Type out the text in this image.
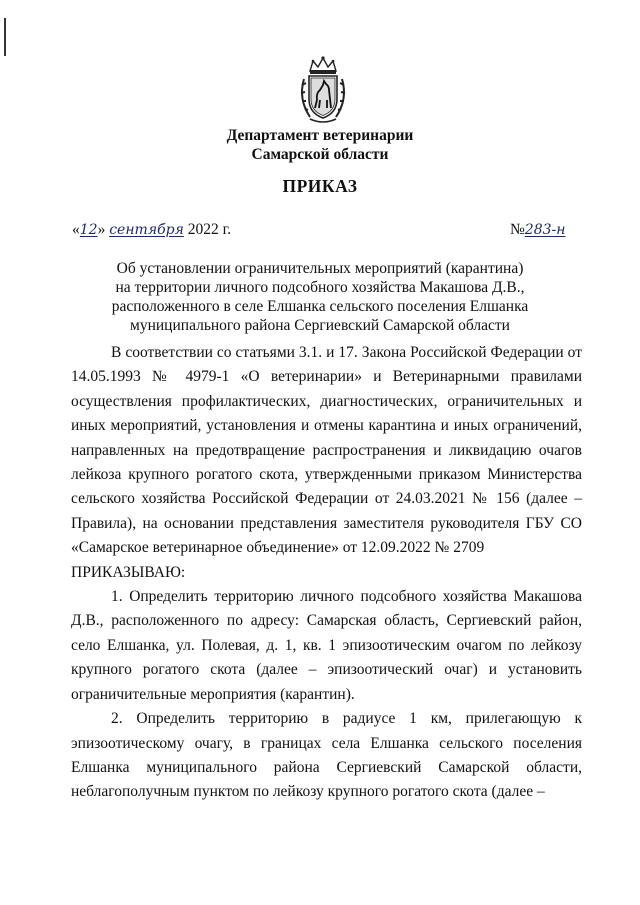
Департамент ветеринарии
Самарской области
ПРИКАЗ
«12» сентября 2022 г.	№283-н
Об установлении ограничительных мероприятий (карантина)
на территории личного подсобного хозяйства Макашова Д.В.,
расположенного в селе Елшанка сельского поселения Елшанка
муниципального района Сергиевский Самарской области

В соответствии со статьями 3.1. и 17. Закона Российской Федерации от 14.05.1993 № 4979-1 «О ветеринарии» и Ветеринарными правилами осуществления профилактических, диагностических, ограничительных и иных мероприятий, установления и отмены карантина и иных ограничений, направленных на предотвращение распространения и ликвидацию очагов лейкоза крупного рогатого скота, утвержденными приказом Министерства сельского хозяйства Российской Федерации от 24.03.2021 № 156 (далее – Правила), на основании представления заместителя руководителя ГБУ СО «Самарское ветеринарное объединение» от 12.09.2022 № 2709

ПРИКАЗЫВАЮ:

1. Определить территорию личного подсобного хозяйства Макашова Д.В., расположенного по адресу: Самарская область, Сергиевский район, село Елшанка, ул. Полевая, д. 1, кв. 1 эпизоотическим очагом по лейкозу крупного рогатого скота (далее – эпизоотический очаг) и установить ограничительные мероприятия (карантин).

2. Определить территорию в радиусе 1 км, прилегающую к эпизоотическому очагу, в границах села Елшанка сельского поселения Елшанка муниципального района Сергиевский Самарской области, неблагополучным пунктом по лейкозу крупного рогатого скота (далее –
